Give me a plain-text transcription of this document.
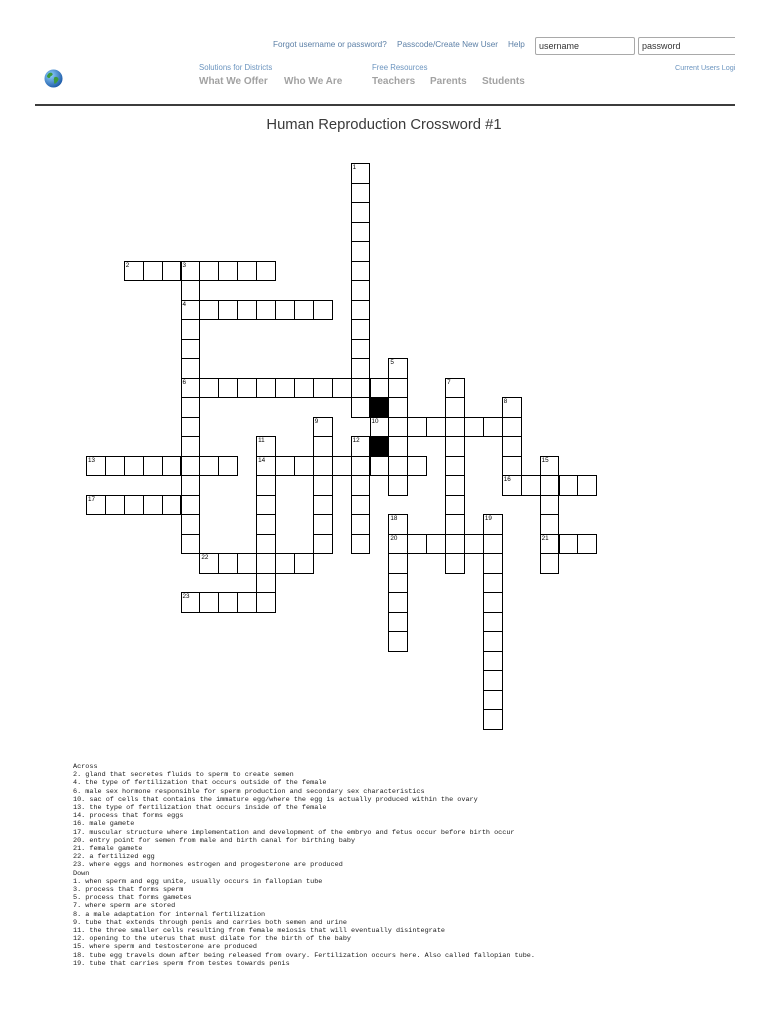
Forgot username or password? Passcode/Create New User Help
username
password
Solutions for Districts
What We Offer Who We Are
Free Resources
Teachers Parents Students
Current Users Logi
Human Reproduction Crossword #1
2	3
4
6
10
13	14
16
17
20	21
22
23
1
5
7
8
9
11	12
15
18	19
Across
2. gland that secretes fluids to sperm to create semen
4. the type of fertilization that occurs outside of the female
6. male sex hormone responsible for sperm production and secondary sex characteristics
10. sac of cells that contains the immature egg/where the egg is actually produced within the ovary
13. the type of fertilization that occurs inside of the female
14. process that forms eggs
16. male gamete
17. muscular structure where implementation and development of the embryo and fetus occur before birth occur
20. entry point for semen from male and birth canal for birthing baby
21. female gamete
22. a fertilized egg
23. where eggs and hormones estrogen and progesterone are produced
Down
1. when sperm and egg unite, usually occurs in fallopian tube
3. process that forms sperm
5. process that forms gametes
7. where sperm are stored
8. a male adaptation for internal fertilization
9. tube that extends through penis and carries both semen and urine
11. the three smaller cells resulting from female meiosis that will eventually disintegrate
12. opening to the uterus that must dilate for the birth of the baby
15. where sperm and testosterone are produced
18. tube egg travels down after being released from ovary. Fertilization occurs here. Also called fallopian tube.
19. tube that carries sperm from testes towards penis
